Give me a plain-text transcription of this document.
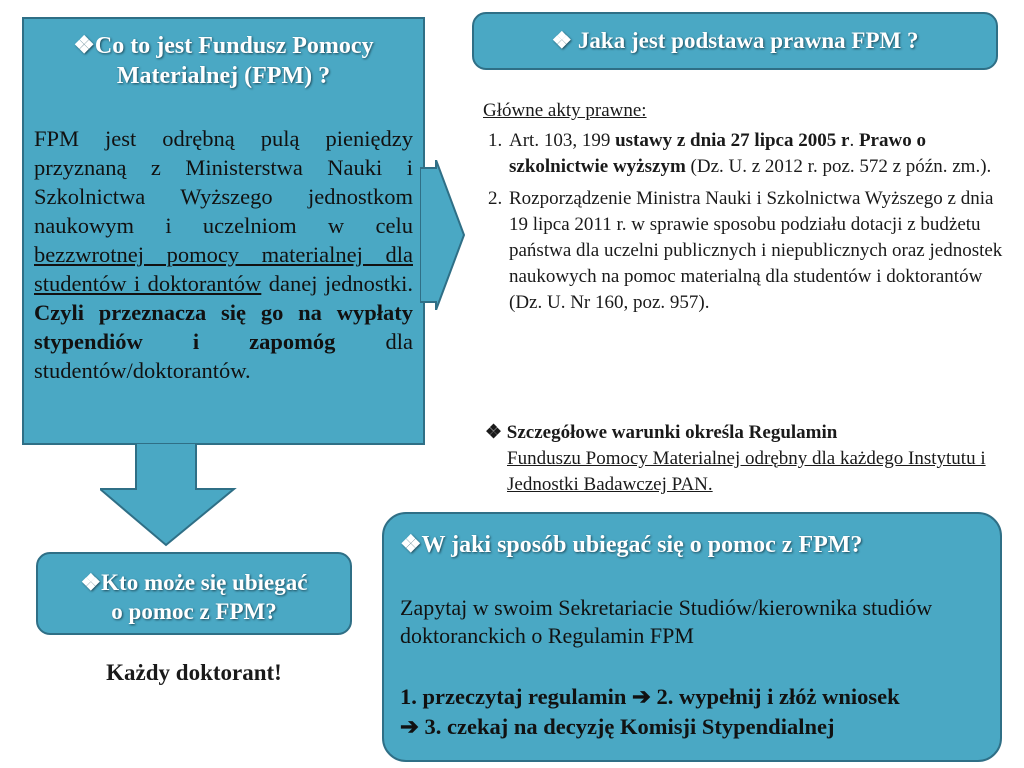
❖Co to jest Fundusz Pomocy
Materialnej (FPM) ?
FPM jest odrębną pulą pieniędzy przyznaną z Ministerstwa Nauki i Szkolnictwa Wyższego jednostkom naukowym i uczelniom w celu bezzwrotnej pomocy materialnej dla studentów i doktorantów danej jednostki. Czyli przeznacza się go na wypłaty stypendiów i zapomóg dla studentów/doktorantów.
❖ Jaka jest podstawa prawna FPM ?
Główne akty prawne:
1. Art. 103, 199 ustawy z dnia 27 lipca 2005 r. Prawo o szkolnictwie wyższym (Dz. U. z 2012 r. poz. 572 z późn. zm.).
2. Rozporządzenie Ministra Nauki i Szkolnictwa Wyższego z dnia 19 lipca 2011 r. w sprawie sposobu podziału dotacji z budżetu państwa dla uczelni publicznych i niepublicznych oraz jednostek naukowych na pomoc materialną dla studentów i doktorantów (Dz. U. Nr 160, poz. 957).
❖ Szczegółowe warunki określa Regulamin
Funduszu Pomocy Materialnej odrębny dla każdego Instytutu i Jednostki Badawczej PAN.
❖Kto może się ubiegać
o pomoc z FPM?
Każdy doktorant!
❖W jaki sposób ubiegać się o pomoc z FPM?
Zapytaj w swoim Sekretariacie Studiów/kierownika studiów doktoranckich o Regulamin FPM
1. przeczytaj regulamin ➔ 2. wypełnij i złóż wniosek
➔ 3. czekaj na decyzję Komisji Stypendialnej
